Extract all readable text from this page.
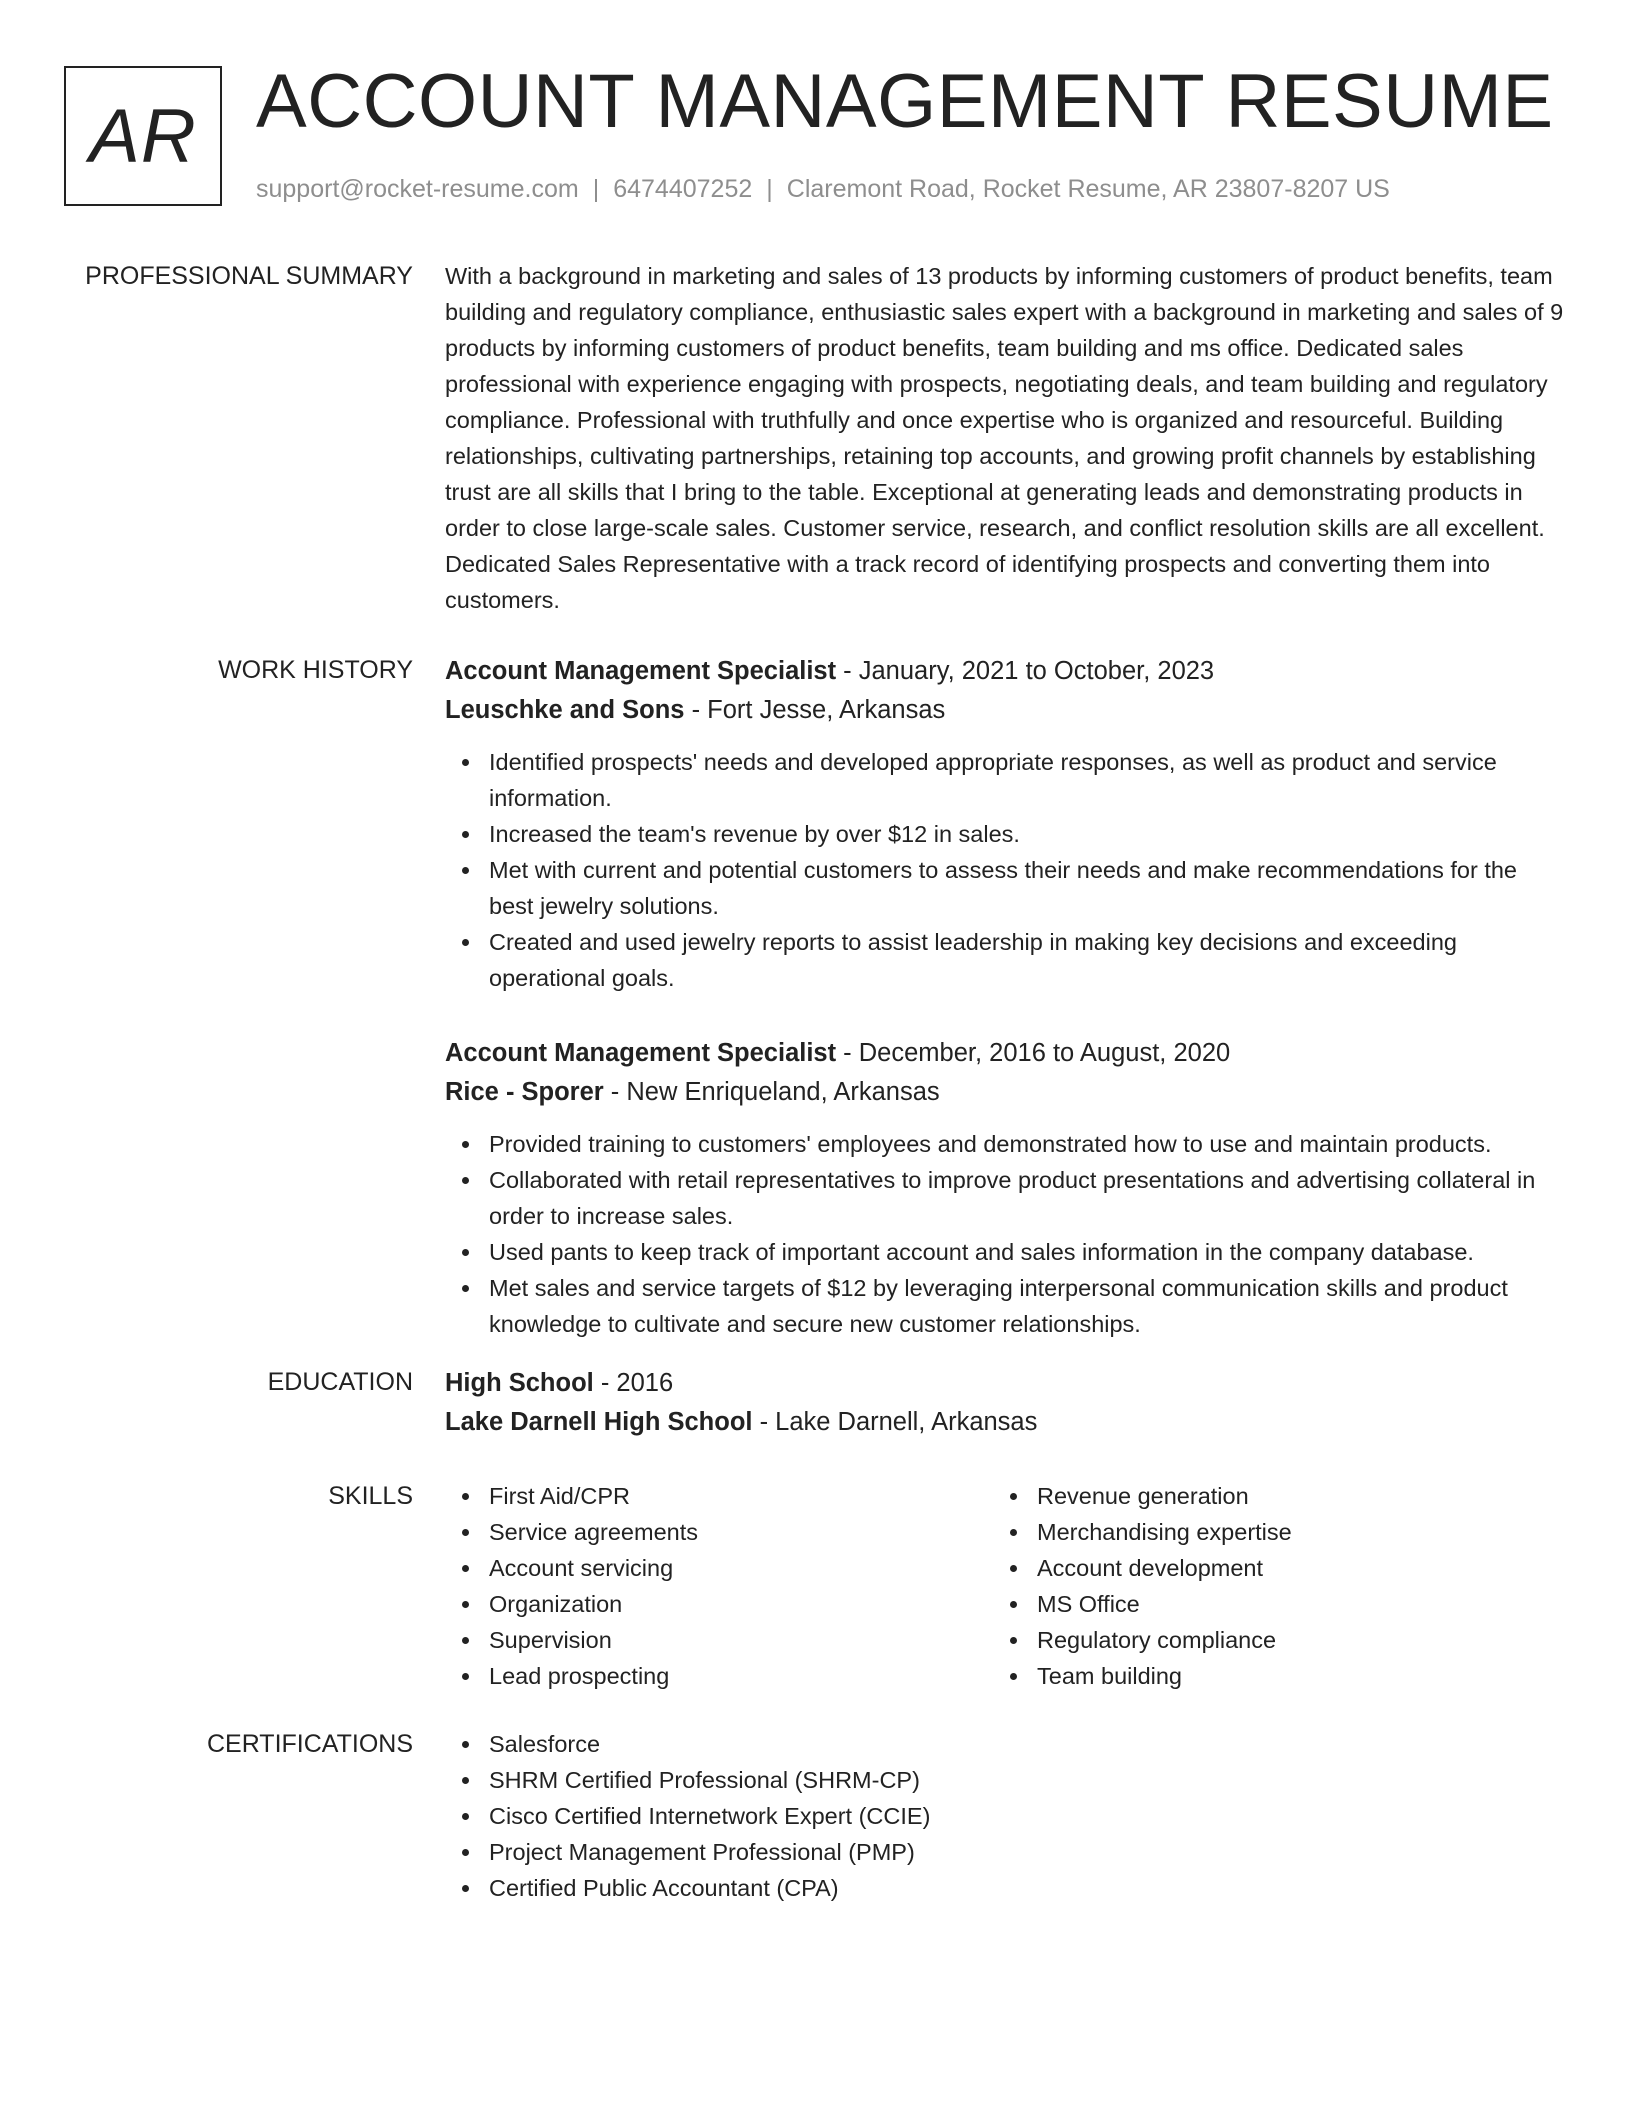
AR ACCOUNT MANAGEMENT RESUME
support@rocket-resume.com | 6474407252 | Claremont Road, Rocket Resume, AR 23807-8207 US
PROFESSIONAL SUMMARY With a background in marketing and sales of 13 products by informing customers of product benefits, team building and regulatory compliance, enthusiastic sales expert with a background in marketing and sales of 9 products by informing customers of product benefits, team building and ms office. Dedicated sales professional with experience engaging with prospects, negotiating deals, and team building and regulatory compliance. Professional with truthfully and once expertise who is organized and resourceful. Building relationships, cultivating partnerships, retaining top accounts, and growing profit channels by establishing trust are all skills that I bring to the table. Exceptional at generating leads and demonstrating products in order to close large-scale sales. Customer service, research, and conflict resolution skills are all excellent. Dedicated Sales Representative with a track record of identifying prospects and converting them into customers.

WORK HISTORY Account Management Specialist - January, 2021 to October, 2023
Leuschke and Sons - Fort Jesse, Arkansas
Identified prospects' needs and developed appropriate responses, as well as product and service information.
Increased the team's revenue by over $12 in sales.
Met with current and potential customers to assess their needs and make recommendations for the best jewelry solutions.
Created and used jewelry reports to assist leadership in making key decisions and exceeding operational goals.
Account Management Specialist - December, 2016 to August, 2020
Rice - Sporer - New Enriqueland, Arkansas
Provided training to customers' employees and demonstrated how to use and maintain products.
Collaborated with retail representatives to improve product presentations and advertising collateral in order to increase sales.
Used pants to keep track of important account and sales information in the company database.
Met sales and service targets of $12 by leveraging interpersonal communication skills and product knowledge to cultivate and secure new customer relationships.
EDUCATION High School - 2016
Lake Darnell High School - Lake Darnell, Arkansas
SKILLS	First Aid/CPR
Service agreements
Account servicing
Organization
Supervision
Lead prospecting
Revenue generation
Merchandising expertise
Account development
MS Office
Regulatory compliance
Team building
CERTIFICATIONS	Salesforce
SHRM Certified Professional (SHRM-CP)
Cisco Certified Internetwork Expert (CCIE)
Project Management Professional (PMP)
Certified Public Accountant (CPA)
